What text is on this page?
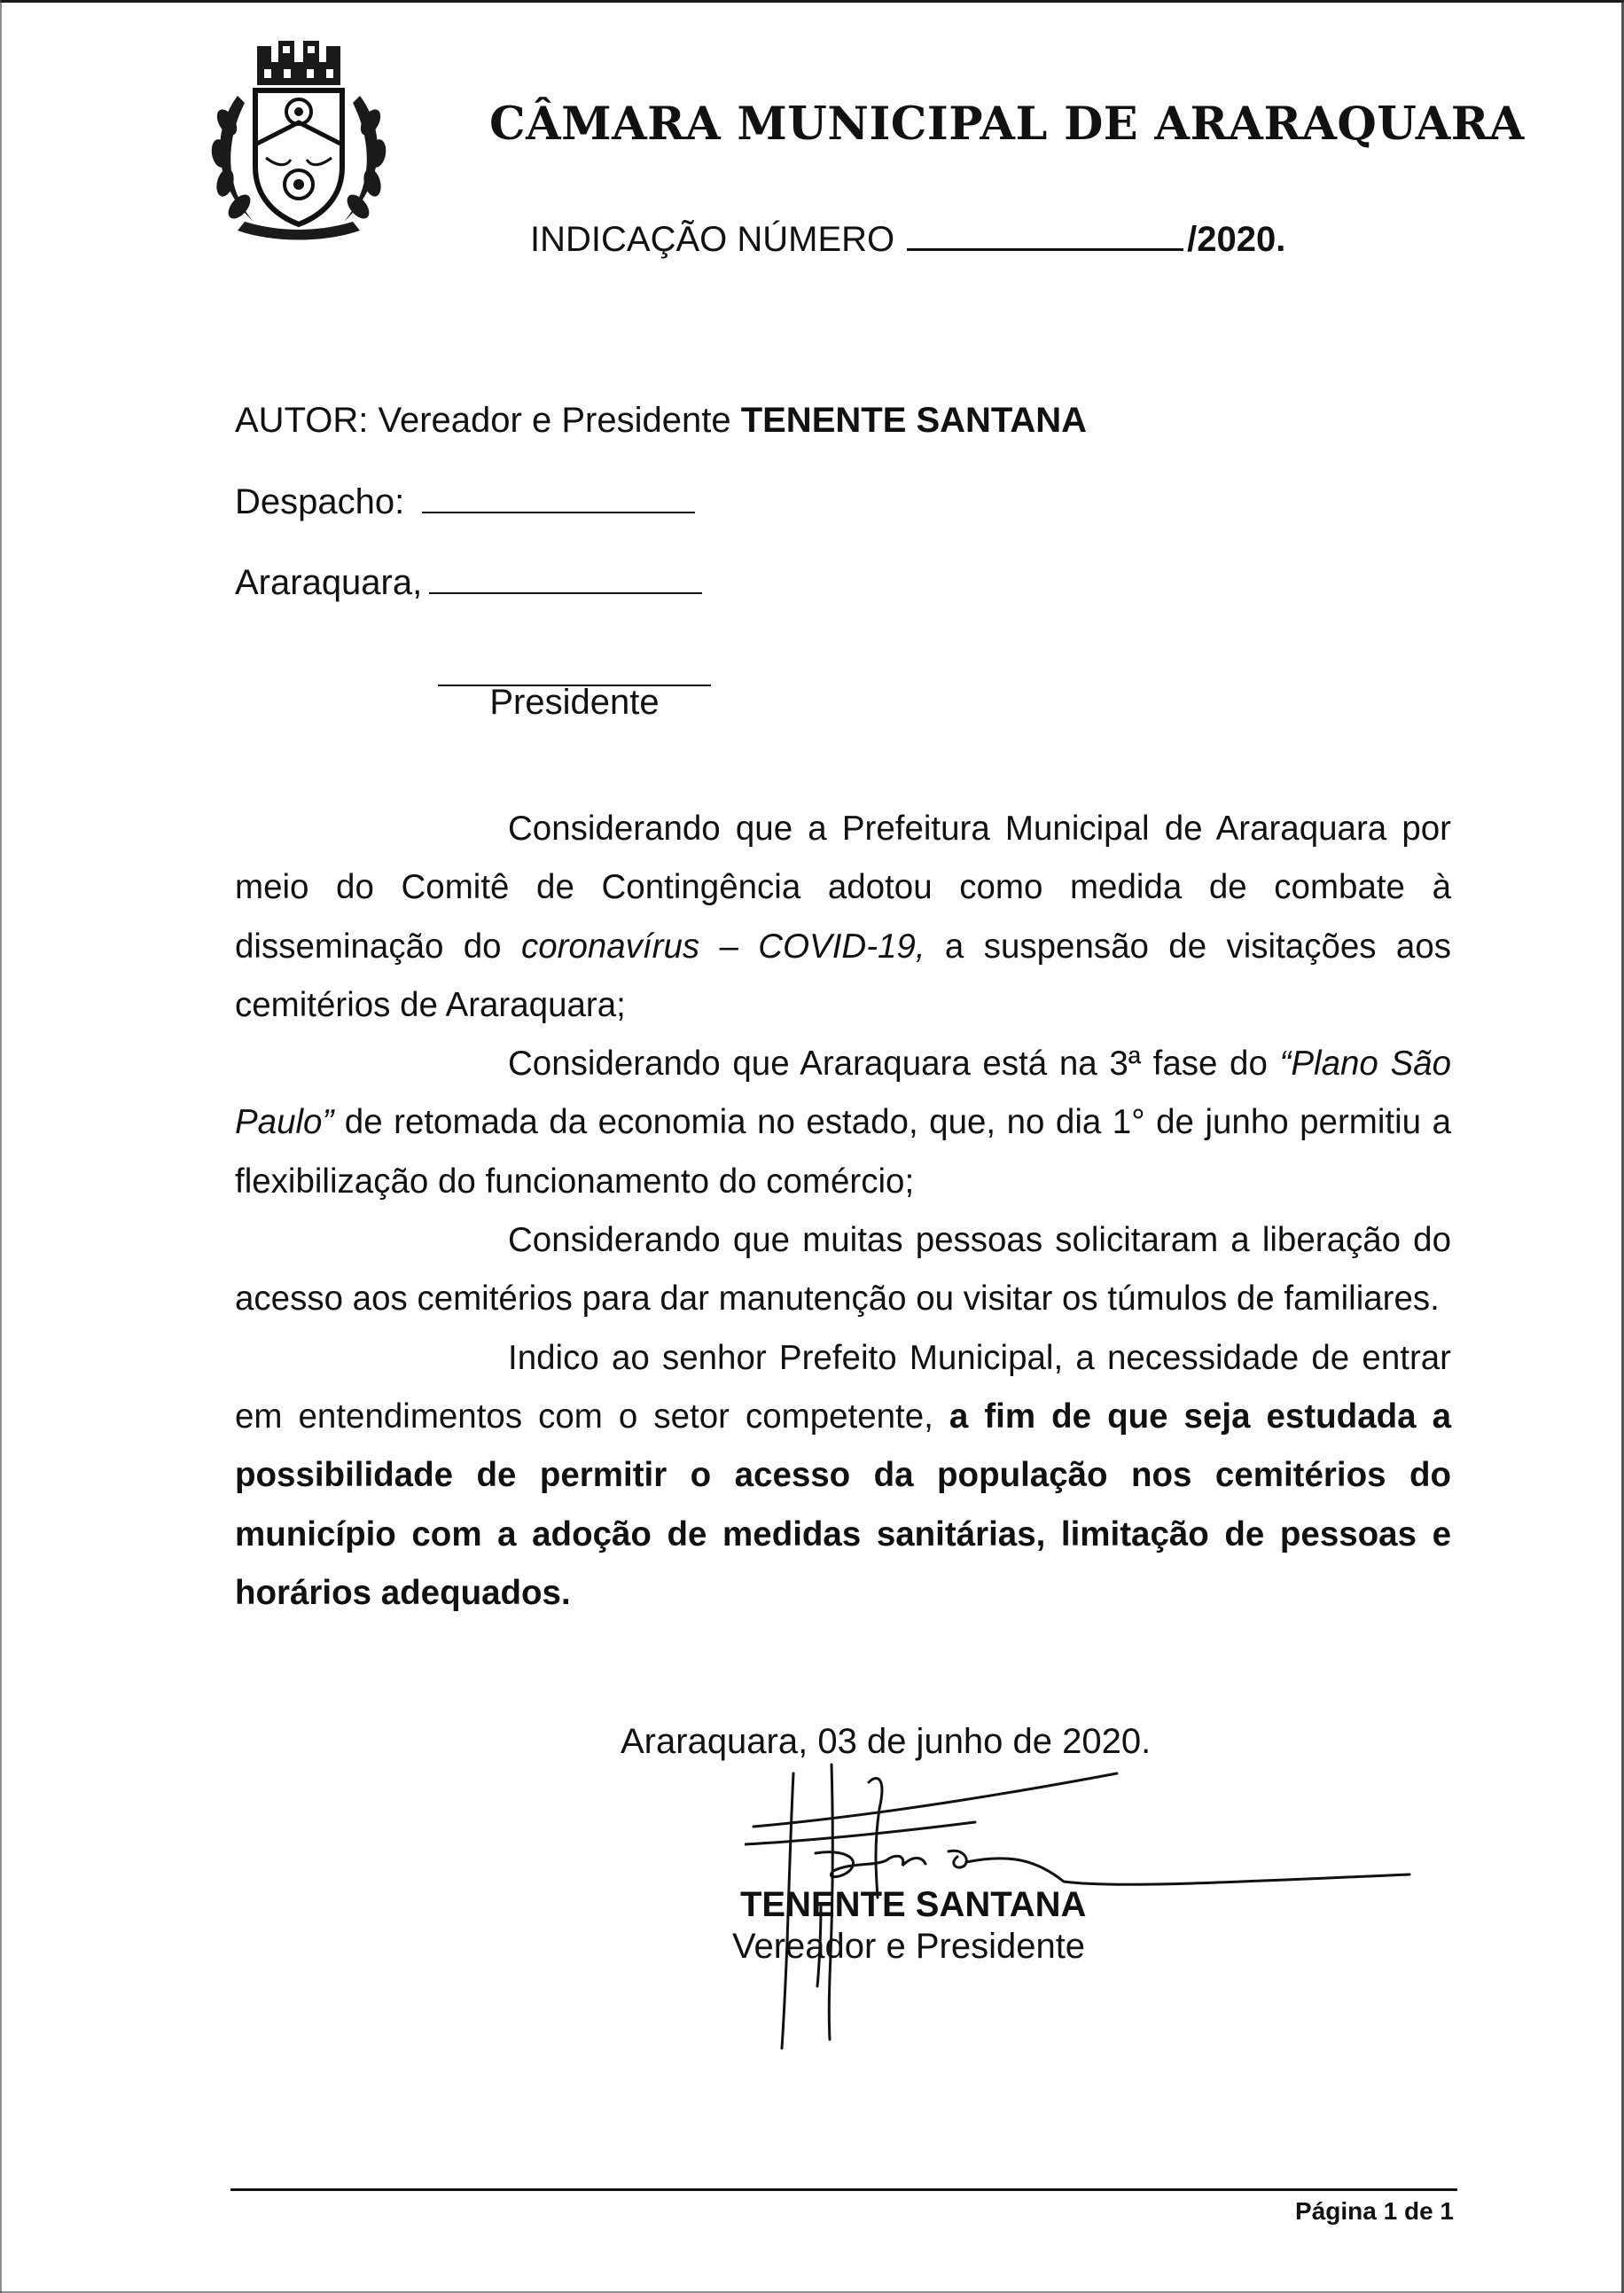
CÂMARA MUNICIPAL DE ARARAQUARA
INDICAÇÃO NÚMERO	/2020.
AUTOR:
Vereador e Presidente
TENENTE SANTANA
Despacho:
Araraquara,
Presidente

Considerando que a Prefeitura Municipal de Araraquara por meio do Comitê de Contingência adotou como medida de combate à disseminação do coronavírus – COVID-19, a suspensão de visitações aos cemitérios de Araraquara;

Considerando que Araraquara está na 3ª fase do “Plano São Paulo” de retomada da economia no estado, que, no dia 1° de junho permitiu a flexibilização do funcionamento do comércio;

Considerando que muitas pessoas solicitaram a liberação do acesso aos cemitérios para dar manutenção ou visitar os túmulos de familiares.

Indico ao senhor Prefeito Municipal, a necessidade de entrar em entendimentos com o setor competente, a fim de que seja estudada a possibilidade de permitir o acesso da população nos cemitérios do município com a adoção de medidas sanitárias, limitação de pessoas e horários adequados.

Araraquara, 03 de junho de 2020.
TENENTE SANTANA
Vereador e Presidente
Página 1 de 1
